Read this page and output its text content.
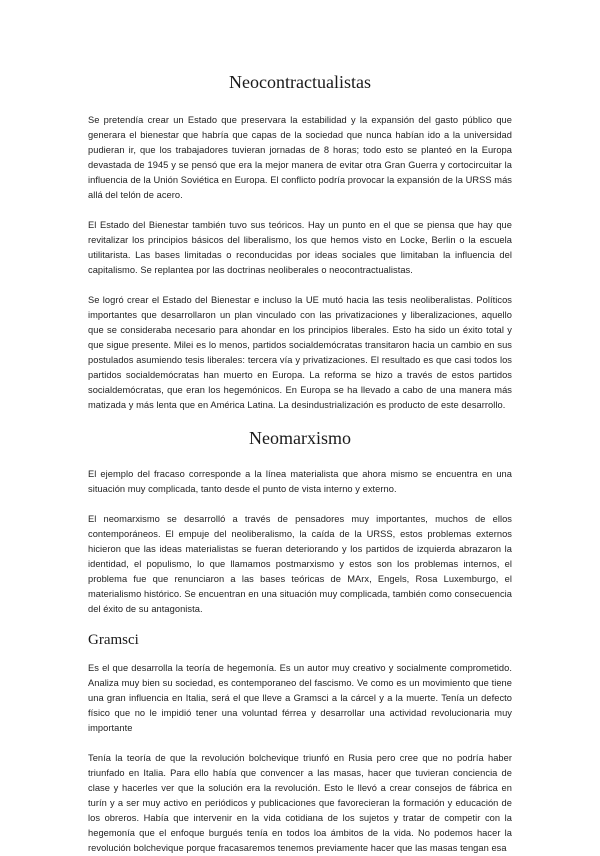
Neocontractualistas

Se pretendía crear un Estado que preservara la estabilidad y la expansión del gasto público que generara el bienestar que habría que capas de la sociedad que nunca habían ido a la universidad pudieran ir, que los trabajadores tuvieran jornadas de 8 horas; todo esto se planteó en la Europa devastada de 1945 y se pensó que era la mejor manera de evitar otra Gran Guerra y cortocircuitar la influencia de la Unión Soviética en Europa. El conflicto podría provocar la expansión de la URSS más allá del telón de acero.

El Estado del Bienestar también tuvo sus teóricos. Hay un punto en el que se piensa que hay que revitalizar los principios básicos del liberalismo, los que hemos visto en Locke, Berlin o la escuela utilitarista. Las bases limitadas o reconducidas por ideas sociales que limitaban la influencia del capitalismo. Se replantea por las doctrinas neoliberales o neocontractualistas.

Se logró crear el Estado del Bienestar e incluso la UE mutó hacia las tesis neoliberalistas. Políticos importantes que desarrollaron un plan vinculado con las privatizaciones y liberalizaciones, aquello que se consideraba necesario para ahondar en los principios liberales. Esto ha sido un éxito total y que sigue presente. Milei es lo menos, partidos socialdemócratas transitaron hacia un cambio en sus postulados asumiendo tesis liberales: tercera vía y privatizaciones. El resultado es que casi todos los partidos socialdemócratas han muerto en Europa. La reforma se hizo a través de estos partidos socialdemócratas, que eran los hegemónicos. En Europa se ha llevado a cabo de una manera más matizada y más lenta que en América Latina. La desindustrialización es producto de este desarrollo.

Neomarxismo

El ejemplo del fracaso corresponde a la línea materialista que ahora mismo se encuentra en una situación muy complicada, tanto desde el punto de vista interno y externo.

El neomarxismo se desarrolló a través de pensadores muy importantes, muchos de ellos contemporáneos. El empuje del neoliberalismo, la caída de la URSS, estos problemas externos hicieron que las ideas materialistas se fueran deteriorando y los partidos de izquierda abrazaron la identidad, el populismo, lo que llamamos postmarxismo y estos son los problemas internos, el problema fue que renunciaron a las bases teóricas de MArx, Engels, Rosa Luxemburgo, el materialismo histórico. Se encuentran en una situación muy complicada, también como consecuencia del éxito de su antagonista.

Gramsci

Es el que desarrolla la teoría de hegemonía. Es un autor muy creativo y socialmente comprometido. Analiza muy bien su sociedad, es contemporaneo del fascismo. Ve como es un movimiento que tiene una gran influencia en Italia, será el que lleve a Gramsci a la cárcel y a la muerte. Tenía un defecto físico que no le impidió tener una voluntad férrea y desarrollar una actividad revolucionaria muy importante

Tenía la teoría de que la revolución bolchevique triunfó en Rusia pero cree que no podría haber triunfado en Italia. Para ello había que convencer a las masas, hacer que tuvieran conciencia de clase y hacerles ver que la solución era la revolución. Esto le llevó a crear consejos de fábrica en turín y a ser muy activo en periódicos y publicaciones que favorecieran la formación y educación de los obreros. Había que intervenir en la vida cotidiana de los sujetos y tratar de competir con la hegemonía que el enfoque burgués tenía en todos loa ámbitos de la vida. No podemos hacer la revolución bolchevique porque fracasaremos tenemos previamente hacer que las masas tengan esa
